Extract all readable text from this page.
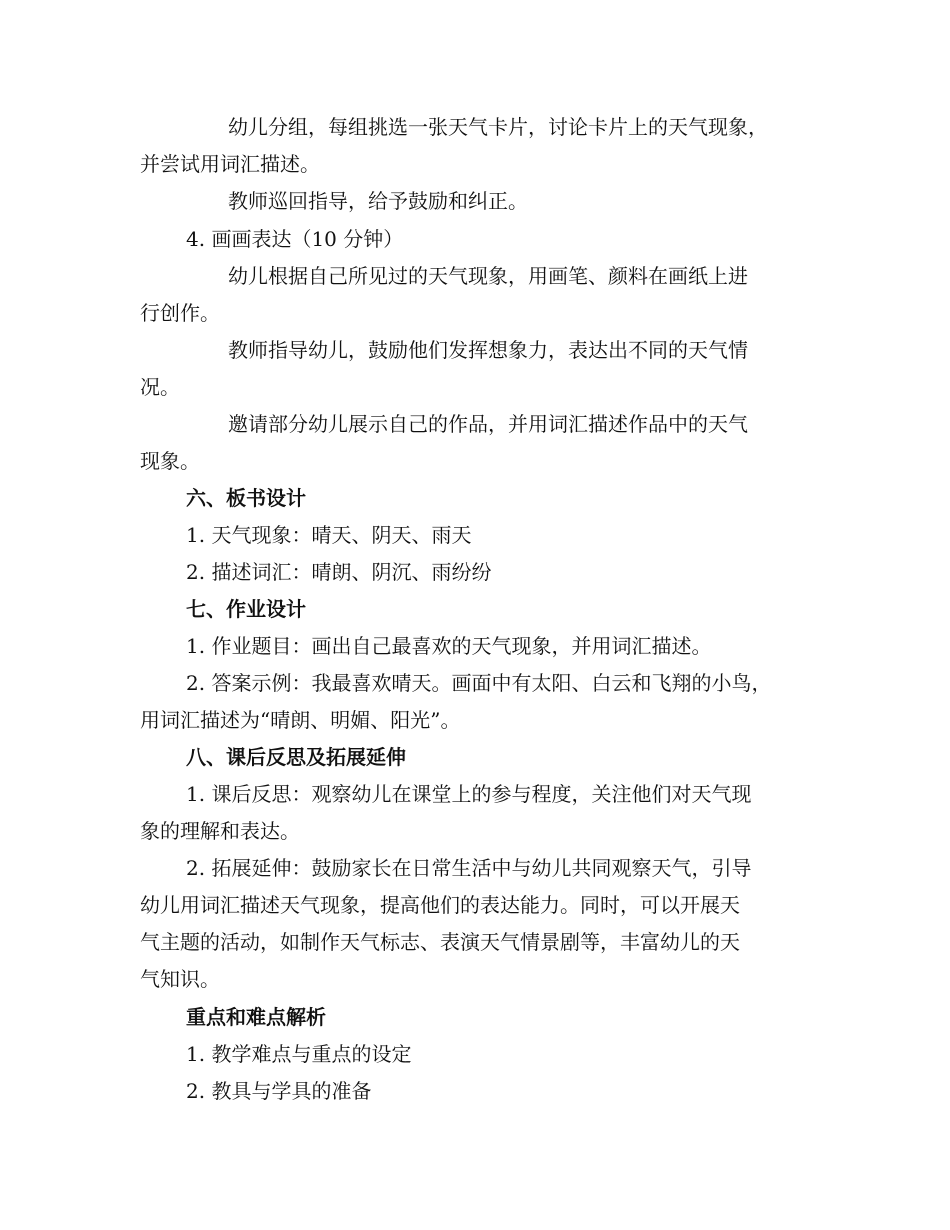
幼儿分组，每组挑选一张天气卡片，讨论卡片上的天气现象，
并尝试用词汇描述。
教师巡回指导，给予鼓励和纠正。
4. 画画表达（10 分钟）
幼儿根据自己所见过的天气现象，用画笔、颜料在画纸上进
行创作。
教师指导幼儿，鼓励他们发挥想象力，表达出不同的天气情
况。
邀请部分幼儿展示自己的作品，并用词汇描述作品中的天气
现象。
六、板书设计
1. 天气现象：晴天、阴天、雨天
2. 描述词汇：晴朗、阴沉、雨纷纷
七、作业设计
1. 作业题目：画出自己最喜欢的天气现象，并用词汇描述。
2. 答案示例：我最喜欢晴天。画面中有太阳、白云和飞翔的小鸟，
用词汇描述为“晴朗、明媚、阳光”。
八、课后反思及拓展延伸
1. 课后反思：观察幼儿在课堂上的参与程度，关注他们对天气现
象的理解和表达。
2. 拓展延伸：鼓励家长在日常生活中与幼儿共同观察天气，引导
幼儿用词汇描述天气现象，提高他们的表达能力。同时，可以开展天
气主题的活动，如制作天气标志、表演天气情景剧等，丰富幼儿的天
气知识。
重点和难点解析
1. 教学难点与重点的设定
2. 教具与学具的准备
